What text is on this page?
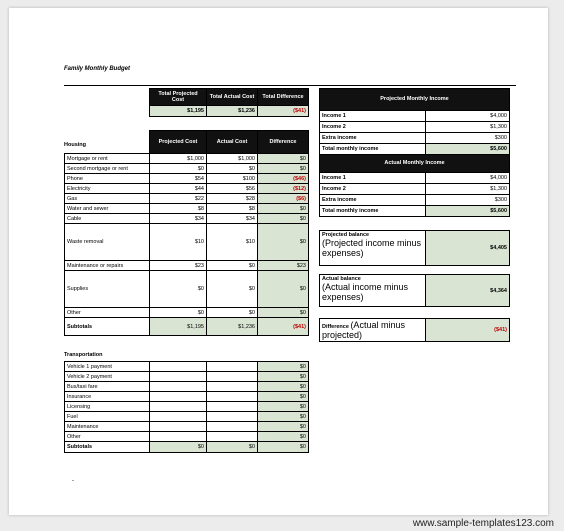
Family Monthly Budget
Total Projected Cost	Total Actual Cost	Total Difference
$1,195	$1,236	($41)
Housing
	Projected Cost	Actual Cost	Difference
Mortgage or rent	$1,000	$1,000	$0
Second mortgage or rent	$0	$0	$0
Phone	$54	$100	($46)
Electricity	$44	$56	($12)
Gas	$22	$28	($6)
Water and sewer	$8	$8	$0
Cable	$34	$34	$0
Waste removal	$10	$10	$0
Maintenance or repairs	$23	$0	$23
Supplies	$0	$0	$0
Other	$0	$0	$0
Subtotals	$1,195	$1,236	($41)
Transportation
Vehicle 1 payment			$0
Vehicle 2 payment			$0
Bus/taxi fare			$0
Insurance			$0
Licensing			$0
Fuel			$0
Maintenance			$0
Other			$0
Subtotals	$0	$0	$0
Projected Monthly Income	
Income 1	$4,000
Income 2	$1,300
Extra income	$300
Total monthly income	$5,600
Actual Monthly Income	
Income 1	$4,000
Income 2	$1,300
Extra income	$300
Total monthly income	$5,600
Projected balance
(Projected income minus expenses)	$4,405
Actual balance
(Actual income minus expenses)	$4,364
Difference (Actual minus projected)	($41)
-
www.sample-templates123.com
